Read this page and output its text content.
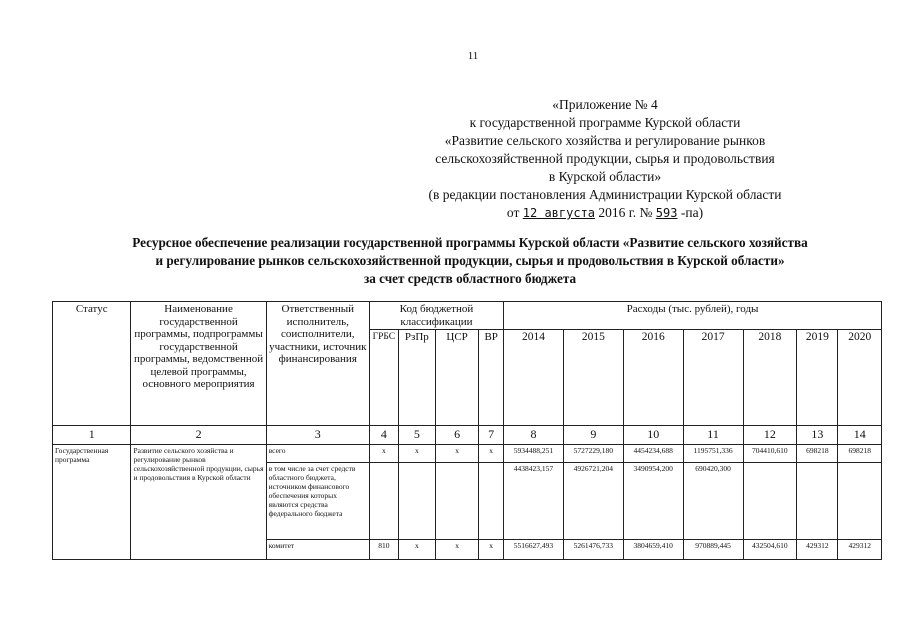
11
«Приложение № 4
к государственной программе Курской области
«Развитие сельского хозяйства и регулирование рынков
сельскохозяйственной продукции, сырья и продовольствия
в Курской области»
(в редакции постановления Администрации Курской области
от 12 августа 2016 г. № 593 -па)
Ресурсное обеспечение реализации государственной программы Курской области «Развитие сельского хозяйства
и регулирование рынков сельскохозяйственной продукции, сырья и продовольствия в Курской области»
за счет средств областного бюджета
Статус	Наименование государственной программы, подпрограммы государственной программы, ведомственной целевой программы, основного мероприятия	Ответственный исполнитель, соисполнители, участники, источник финансирования	Код бюджетной классификации				Расходы (тыс. рублей), годы						
			ГРБС	РзПр	ЦСР	ВР	2014	2015	2016	2017	2018	2019	2020
1	2	3	4	5	6	7	8	9	10	11	12	13	14
Государственная программа	Развитие сельского хозяйства и регулирование рынков сельскохозяйственной продукции, сырья и продовольствия в Курской области	всего	х	х	х	х	5934488,251	5727229,180	4454234,688	1195751,336	704410,610	698218	698218
		в том числе за счет средств областного бюджета, источником финансового обеспечения которых являются средства федерального бюджета					4438423,157	4926721,204	3490954,200	690420,300			
		комитет	810	х	х	х	5516627,493	5261476,733	3804659,410	970889,445	432504,610	429312	429312
